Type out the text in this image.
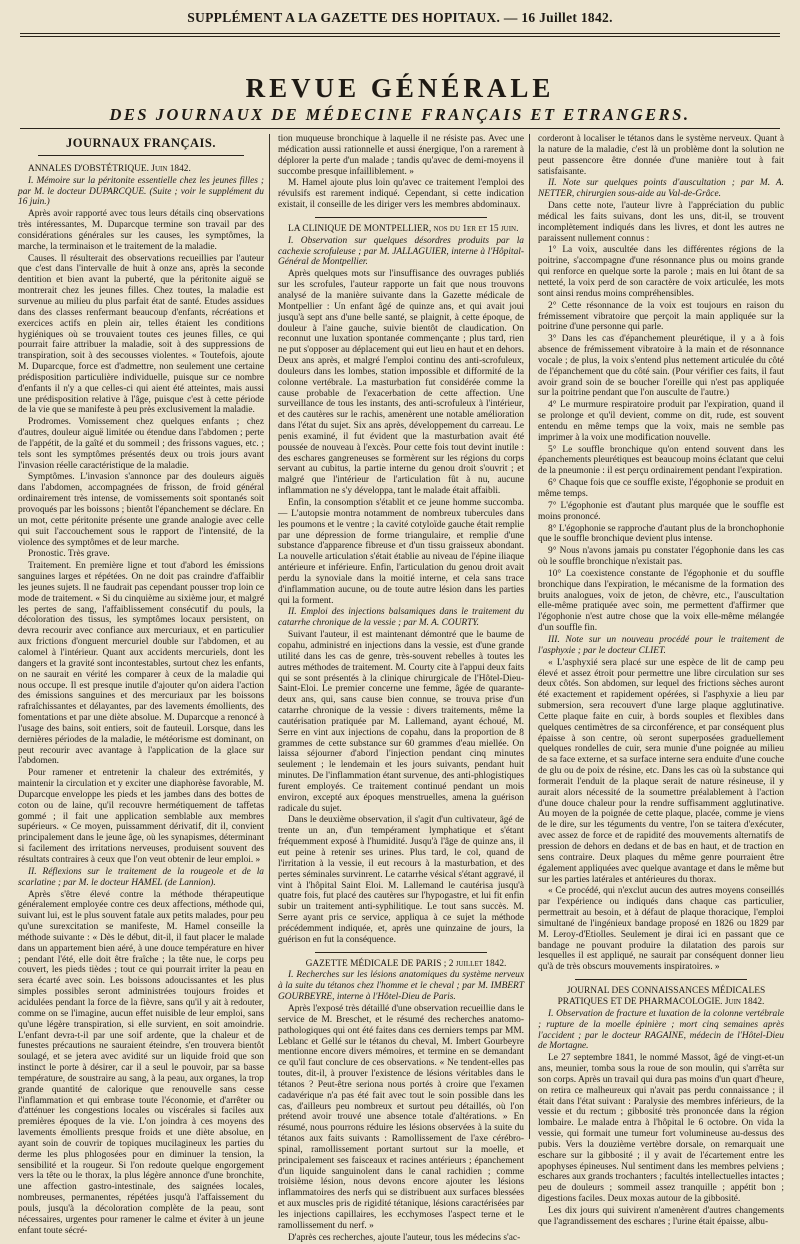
SUPPLÉMENT A LA GAZETTE DES HOPITAUX. — 16 Juillet 1842.
REVUE GÉNÉRALE
DES JOURNAUX DE MÉDECINE FRANÇAIS ET ETRANGERS.
JOURNAUX FRANÇAIS.

ANNALES D'OBSTÉTRIQUE. Juin 1842.

I. Mémoire sur la péritonite essentielle chez les jeunes filles ; par M. le docteur DUPARCQUE. (Suite ; voir le supplément du 16 juin.)

Après avoir rapporté avec tous leurs détails cinq observations très intéressantes, M. Duparcque termine son travail par des considérations générales sur les causes, les symptômes, la marche, la terminaison et le traitement de la maladie.

Causes. Il résulterait des observations recueillies par l'auteur que c'est dans l'intervalle de huit à onze ans, après la seconde dentition et bien avant la puberté, que la péritonite aiguë se montrerait chez les jeunes filles. Chez toutes, la maladie est survenue au milieu du plus parfait état de santé. Etudes assidues dans des classes renfermant beaucoup d'enfants, récréations et exercices actifs en plein air, telles étaient les conditions hygiéniques où se trouvaient toutes ces jeunes filles, ce qui pourrait faire attribuer la maladie, soit à des suppressions de transpiration, soit à des secousses violentes. « Toutefois, ajoute M. Duparcque, force est d'admettre, non seulement une certaine prédisposition particulière individuelle, puisque sur ce nombre d'enfants il n'y a que celles-ci qui aient été atteintes, mais aussi une prédisposition relative à l'âge, puisque c'est à cette période de la vie que se manifeste à peu près exclusivement la maladie.

Prodromes. Vomissement chez quelques enfants ; chez d'autres, douleur aiguë limitée ou étendue dans l'abdomen ; perte de l'appétit, de la gaîté et du sommeil ; des frissons vagues, etc. ; tels sont les symptômes présentés deux ou trois jours avant l'invasion réelle caractéristique de la maladie.

Symptômes. L'invasion s'annonce par des douleurs aiguës dans l'abdomen, accompagnées de frisson, de froid général ordinairement très intense, de vomissements soit spontanés soit provoqués par les boissons ; bientôt l'épanchement se déclare. En un mot, cette péritonite présente une grande analogie avec celle qui suit l'accouchement sous le rapport de l'intensité, de la violence des symptômes et de leur marche.

Pronostic. Très grave.

Traitement. En première ligne et tout d'abord les émissions sanguines larges et répétées. On ne doit pas craindre d'affaiblir les jeunes sujets. Il ne faudrait pas cependant pousser trop loin ce mode de traitement. « Si du cinquième au sixième jour, et malgré les pertes de sang, l'affaiblissement consécutif du pouls, la décoloration des tissus, les symptômes locaux persistent, on devra recourir avec confiance aux mercuriaux, et en particulier aux frictions d'onguent mercuriel double sur l'abdomen, et au calomel à l'intérieur. Quant aux accidents mercuriels, dont les dangers et la gravité sont incontestables, surtout chez les enfants, on ne saurait en vérité les comparer à ceux de la maladie qui nous occupe. Il est presque inutile d'ajouter qu'on aidera l'action des émissions sanguines et des mercuriaux par les boissons rafraîchissantes et délayantes, par des lavements émollients, des fomentations et par une diète absolue. M. Duparcque a renoncé à l'usage des bains, soit entiers, soit de fauteuil. Lorsque, dans les dernières périodes de la maladie, le météorisme est dominant, on peut recourir avec avantage à l'application de la glace sur l'abdomen.

Pour ramener et entretenir la chaleur des extrémités, y maintenir la circulation et y exciter une diaphorèse favorable, M. Duparcque enveloppe les pieds et les jambes dans des bottes de coton ou de laine, qu'il recouvre hermétiquement de taffetas gommé ; il fait une application semblable aux membres supérieurs. « Ce moyen, puissamment dérivatif, dit il, convient principalement dans le jeune âge, où les synapismes, déterminant si facilement des irritations nerveuses, produisent souvent des résultats contraires à ceux que l'on veut obtenir de leur emploi. »

II. Réflexions sur le traitement de la rougeole et de la scarlatine ; par M. le docteur HAMEL (de Lannion).

Après s'être élevé contre la méthode thérapeutique généralement employée contre ces deux affections, méthode qui, suivant lui, est le plus souvent fatale aux petits malades, pour peu qu'une surexcitation se manifeste, M. Hamel conseille la méthode suivante : « Dès le début, dit-il, il faut placer le malade dans un appartement bien aéré, à une douce température en hiver ; pendant l'été, elle doit être fraîche ; la tête nue, le corps peu couvert, les pieds tièdes ; tout ce qui pourrait irriter la peau en sera écarté avec soin. Les boissons adoucissantes et les plus simples possibles seront administrées toujours froides et acidulées pendant la force de la fièvre, sans qu'il y ait à redouter, comme on se l'imagine, aucun effet nuisible de leur emploi, sans qu'une légère transpiration, si elle survient, en soit amoindrie. L'enfant devra-t-il par une soif ardente, que la chaleur et de funestes précautions ne sauraient éteindre, s'en trouvera bientôt soulagé, et se jetera avec avidité sur un liquide froid que son instinct le porte à désirer, car il a seul le pouvoir, par sa basse température, de soustraire au sang, à la peau, aux organes, la trop grande quantité de calorique que renouvelle sans cesse l'inflammation et qui embrase toute l'économie, et d'arrêter ou d'atténuer les congestions locales ou viscérales si faciles aux premières époques de la vie. L'on joindra à ces moyens des lavements émollients presque froids et une diète absolue, en ayant soin de couvrir de topiques mucilagineux les parties du derme les plus phlogosées pour en diminuer la tension, la sensibilité et la rougeur. Si l'on redoute quelque engorgement vers la tête ou le thorax, la plus légère annonce d'une bronchite, une affection gastro-intestinale, des saignées locales, nombreuses, permanentes, répétées jusqu'à l'affaissement du pouls, jusqu'à la décoloration complète de la peau, sont nécessaires, urgentes pour ramener le calme et éviter à un jeune enfant toute sécré-

tion muqueuse bronchique à laquelle il ne résiste pas. Avec une médication aussi rationnelle et aussi énergique, l'on a rarement à déplorer la perte d'un malade ; tandis qu'avec de demi-moyens il succombe presque infailliblement. »

M. Hamel ajoute plus loin qu'avec ce traitement l'emploi des révulsifs est rarement indiqué. Cependant, si cette indication existait, il conseille de les diriger vers les membres abdominaux.

LA CLINIQUE DE MONTPELLIER, nos du 1er et 15 juin.

I. Observation sur quelques désordres produits par la cachexie scrofuleuse ; par M. JALLAGUIER, interne à l'Hôpital-Général de Montpellier.

Après quelques mots sur l'insuffisance des ouvrages publiés sur les scrofules, l'auteur rapporte un fait que nous trouvons analysé de la manière suivante dans la Gazette médicale de Montpellier : Un enfant âgé de quinze ans, et qui avait joui jusqu'à sept ans d'une belle santé, se plaignit, à cette époque, de douleur à l'aine gauche, suivie bientôt de claudication. On reconnut une luxation spontanée commençante ; plus tard, rien ne put s'opposer au déplacement qui eut lieu en haut et en dehors. Deux ans après, et malgré l'emploi continu des anti-scrofuleux, douleurs dans les lombes, station impossible et difformité de la colonne vertébrale. La masturbation fut considérée comme la cause probable de l'exacerbation de cette affection. Une surveillance de tous les instants, des anti-scrofuleux à l'intérieur, et des cautères sur le rachis, amenèrent une notable amélioration dans l'état du sujet. Six ans après, développement du carreau. Le penis examiné, il fut évident que la masturbation avait été poussée de nouveau à l'excès. Pour cette fois tout devint inutile : des eschares gangreneuses se formèrent sur les régions du corps servant au cubitus, la partie interne du genou droit s'ouvrit ; et malgré que l'intérieur de l'articulation fût à nu, aucune inflammation ne s'y développa, tant le malade était affaibli.

Enfin, la consomption s'établit et ce jeune homme succomba. — L'autopsie montra notamment de nombreux tubercules dans les poumons et le ventre ; la cavité cotyloïde gauche était remplie par une dépression de forme triangulaire, et remplie d'une substance d'apparence fibreuse et d'un tissu graisseux abondant. La nouvelle articulation s'était établie au niveau de l'épine iliaque antérieure et inférieure. Enfin, l'articulation du genou droit avait perdu la synoviale dans la moitié interne, et cela sans trace d'inflammation aucune, ou de toute autre lésion dans les parties qui la forment.

II. Emploi des injections balsamiques dans le traitement du catarrhe chronique de la vessie ; par M. A. COURTY.

Suivant l'auteur, il est maintenant démontré que le baume de copahu, administré en injections dans la vessie, est d'une grande utilité dans les cas de genre, très-souvent rebelles à toutes les autres méthodes de traitement. M. Courty cite à l'appui deux faits qui se sont présentés à la clinique chirurgicale de l'Hôtel-Dieu-Saint-Eloi. Le premier concerne une femme, âgée de quarante-deux ans, qui, sans cause bien connue, se trouva prise d'un catarrhe chronique de la vessie : divers traitements, même la cautérisation pratiquée par M. Lallemand, ayant échoué, M. Serre en vint aux injections de copahu, dans la proportion de 8 grammes de cette substance sur 60 grammes d'eau miellée. On laissa séjourner d'abord l'injection pendant cinq minutes seulement ; le lendemain et les jours suivants, pendant huit minutes. De l'inflammation étant survenue, des anti-phlogistiques furent employés. Ce traitement continué pendant un mois environ, excepté aux époques menstruelles, amena la guérison radicale du sujet.

Dans le deuxième observation, il s'agit d'un cultivateur, âgé de trente un an, d'un tempérament lymphatique et s'étant fréquemment exposé à l'humidité. Jusqu'à l'âge de quinze ans, il eut peine à retenir ses urines. Plus tard, le col, quand de l'irritation à la vessie, il eut recours à la masturbation, et des pertes séminales survinrent. Le catarrhe vésical s'étant aggravé, il vint à l'hôpital Saint Eloi. M. Lallemand le cautérisa jusqu'à quatre fois, fut placé des cautères sur l'hypogastre, et lui fit enfin subir un traitement anti-syphilitique. Le tout sans succès. M. Serre ayant pris ce service, appliqua à ce sujet la méthode précédemment indiquée, et, après une quinzaine de jours, la guérison en fut la conséquence.

GAZETTE MÉDICALE DE PARIS ; 2 juillet 1842.

I. Recherches sur les lésions anatomiques du système nerveux à la suite du tétanos chez l'homme et le cheval ; par M. IMBERT GOURBEYRE, interne à l'Hôtel-Dieu de Paris.

Après l'exposé très détaillé d'une observation recueillie dans le service de M. Breschet, et le résumé des recherches anatomo-pathologiques qui ont été faites dans ces derniers temps par MM. Leblanc et Gellé sur le tétanos du cheval, M. Imbert Gourbeyre mentionne encore divers mémoires, et termine en se demandant ce qu'il faut conclure de ces observations. « Ne tendent-elles pas toutes, dit-il, à prouver l'existence de lésions véritables dans le tétanos ? Peut-être seriona nous portés à croire que l'examen cadavérique n'a pas été fait avec tout le soin possible dans les cas, d'ailleurs peu nombreux et surtout peu détaillés, où l'on prétend avoir trouvé une absence totale d'altérations. » En résumé, nous pourrons réduire les lésions observées à la suite du tétanos aux faits suivants : Ramollissement de l'axe cérébro-spinal, ramollissement portant surtout sur la moelle, et principalement ses faisceaux et racines antérieurs ; épanchement d'un liquide sanguinolent dans le canal rachidien ; comme troisième lésion, nous devons encore ajouter les lésions inflammatoires des nerfs qui se distribuent aux surfaces blessées et aux muscles pris de rigidité tétanique, lésions caractérisées par les injections capillaires, les ecchymoses l'aspect terne et le ramollissement du nerf. »

D'après ces recherches, ajoute l'auteur, tous les médecins s'ac-

corderont à localiser le tétanos dans le système nerveux. Quant à la nature de la maladie, c'est là un problème dont la solution ne peut passencore être donnée d'une manière tout à fait satisfaisante.

II. Note sur quelques points d'auscultation ; par M. A. NETTER, chirurgien sous-aide au Val-de-Grâce.

Dans cette note, l'auteur livre à l'appréciation du public médical les faits suivans, dont les uns, dit-il, se trouvent incomplètement indiqués dans les livres, et dont les autres ne paraissent nullement connus :

1° La voix, auscultée dans les différentes régions de la poitrine, s'accompagne d'une résonnance plus ou moins grande qui renforce en quelque sorte la parole ; mais en lui ôtant de sa netteté, la voix perd de son caractère de voix articulée, les mots sont ainsi rendus moins compréhensibles.

2° Cette résonnance de la voix est toujours en raison du frémissement vibratoire que perçoit la main appliquée sur la poitrine d'une personne qui parle.

3° Dans les cas d'épanchement pleurétique, il y a à fois absence de frémissement vibratoire à la main et de résonnance vocale ; de plus, la voix s'entend plus nettement articulée du côté de l'épanchement que du côté sain. (Pour vérifier ces faits, il faut avoir grand soin de se boucher l'oreille qui n'est pas appliquée sur la poitrine pendant que l'on ausculte de l'autre.)

4° Le murmure respiratoire produit par l'expiration, quand il se prolonge et qu'il devient, comme on dit, rude, est souvent entendu en même temps que la voix, mais ne semble pas imprimer à la voix une modification nouvelle.

5° Le souffle bronchique qu'on entend souvent dans les épanchements pleurétiques est beaucoup moins éclatant que celui de la pneumonie : il est perçu ordinairement pendant l'expiration.

6° Chaque fois que ce souffle existe, l'égophonie se produit en même temps.

7° L'égophonie est d'autant plus marquée que le souffle est moins prononcé.

8° L'égophonie se rapproche d'autant plus de la bronchophonie que le souffle bronchique devient plus intense.

9° Nous n'avons jamais pu constater l'égophonie dans les cas où le souffle bronchique n'existait pas.

10° La coexistence constante de l'égophonie et du souffle bronchique dans l'expiration, le mécanisme de la formation des bruits analogues, voix de jeton, de chèvre, etc., l'auscultation elle-même pratiquée avec soin, me permettent d'affirmer que l'égophonie n'est autre chose que la voix elle-même mélangée d'un souffle fin.

III. Note sur un nouveau procédé pour le traitement de l'asphyxie ; par le docteur CLIET.

« L'asphyxié sera placé sur une espèce de lit de camp peu élevé et assez étroit pour permettre une libre circulation sur ses deux côtés. Son abdomen, sur lequel des frictions sèches auront été exactement et rapidement opérées, si l'asphyxie a lieu par submersion, sera recouvert d'une large plaque agglutinative. Cette plaque faite en cuir, à bords souples et flexibles dans quelques centimètres de sa circonférence, et par conséquent plus épaisse à son centre, où seront superposées graduellement quelques rondelles de cuir, sera munie d'une poignée au milieu de sa face externe, et sa surface interne sera enduite d'une couche de glu ou de poix de résine, etc. Dans les cas où la substance qui formerait l'enduit de la plaque serait de nature résineuse, il y aurait alors nécessité de la soumettre préalablement à l'action d'une douce chaleur pour la rendre suffisamment agglutinative. Au moyen de la poignée de cette plaque, placée, comme je viens de le dire, sur les téguments du ventre, l'on se taitera d'exécuter, avec assez de force et de rapidité des mouvements alternatifs de pression de dehors en dedans et de bas en haut, et de traction en sens contraire. Deux plaques du même genre pourraient être également appliquées avec quelque avantage et dans le même but sur les parties latérales et antérieures du thorax.

« Ce procédé, qui n'exclut aucun des autres moyens conseillés par l'expérience ou indiqués dans chaque cas particulier, permettrait au besoin, et à défaut de plaque thoracique, l'emploi simultané de l'ingénieux bandage proposé en 1826 ou 1829 par M. Leroy-d'Etiolles. Seulement je dirai ici en passant que ce bandage ne pouvant produire la dilatation des parois sur lesquelles il est appliqué, ne saurait par conséquent donner lieu qu'à de très obscurs mouvements inspiratoires. »

JOURNAL DES CONNAISSANCES MÉDICALES PRATIQUES ET DE PHARMACOLOGIE. Juin 1842.

I. Observation de fracture et luxation de la colonne vertébrale ; rupture de la moelle épinière ; mort cinq semaines après l'accident ; par le docteur RAGAINE, médecin de l'Hôtel-Dieu de Mortagne.

Le 27 septembre 1841, le nommé Massot, âgé de vingt-et-un ans, meunier, tomba sous la roue de son moulin, qui s'arrêta sur son corps. Après un travail qui dura pas moins d'un quart d'heure, on retira ce malheureux qui n'avait pas perdu connaissance ; il était dans l'état suivant : Paralysie des membres inférieurs, de la vessie et du rectum ; gibbosité très prononcée dans la région lombaire. Le malade entra à l'hôpital le 6 octobre. On vida la vessie, qui formait une tumeur fort volumineuse au-dessus des pubis. Vers la douzième vertèbre dorsale, on remarquait une eschare sur la gibbosité ; il y avait de l'écartement entre les apophyses épineuses. Nul sentiment dans les membres pelviens ; eschares aux grands trochanters ; facultés intellectuelles intactes ; peu de douleurs ; sommeil assez tranquille ; appétit bon ; digestions faciles. Deux moxas autour de la gibbosité.

Les dix jours qui suivirent n'amenèrent d'autres changements que l'agrandissement des eschares ; l'urine était épaisse, albu-
